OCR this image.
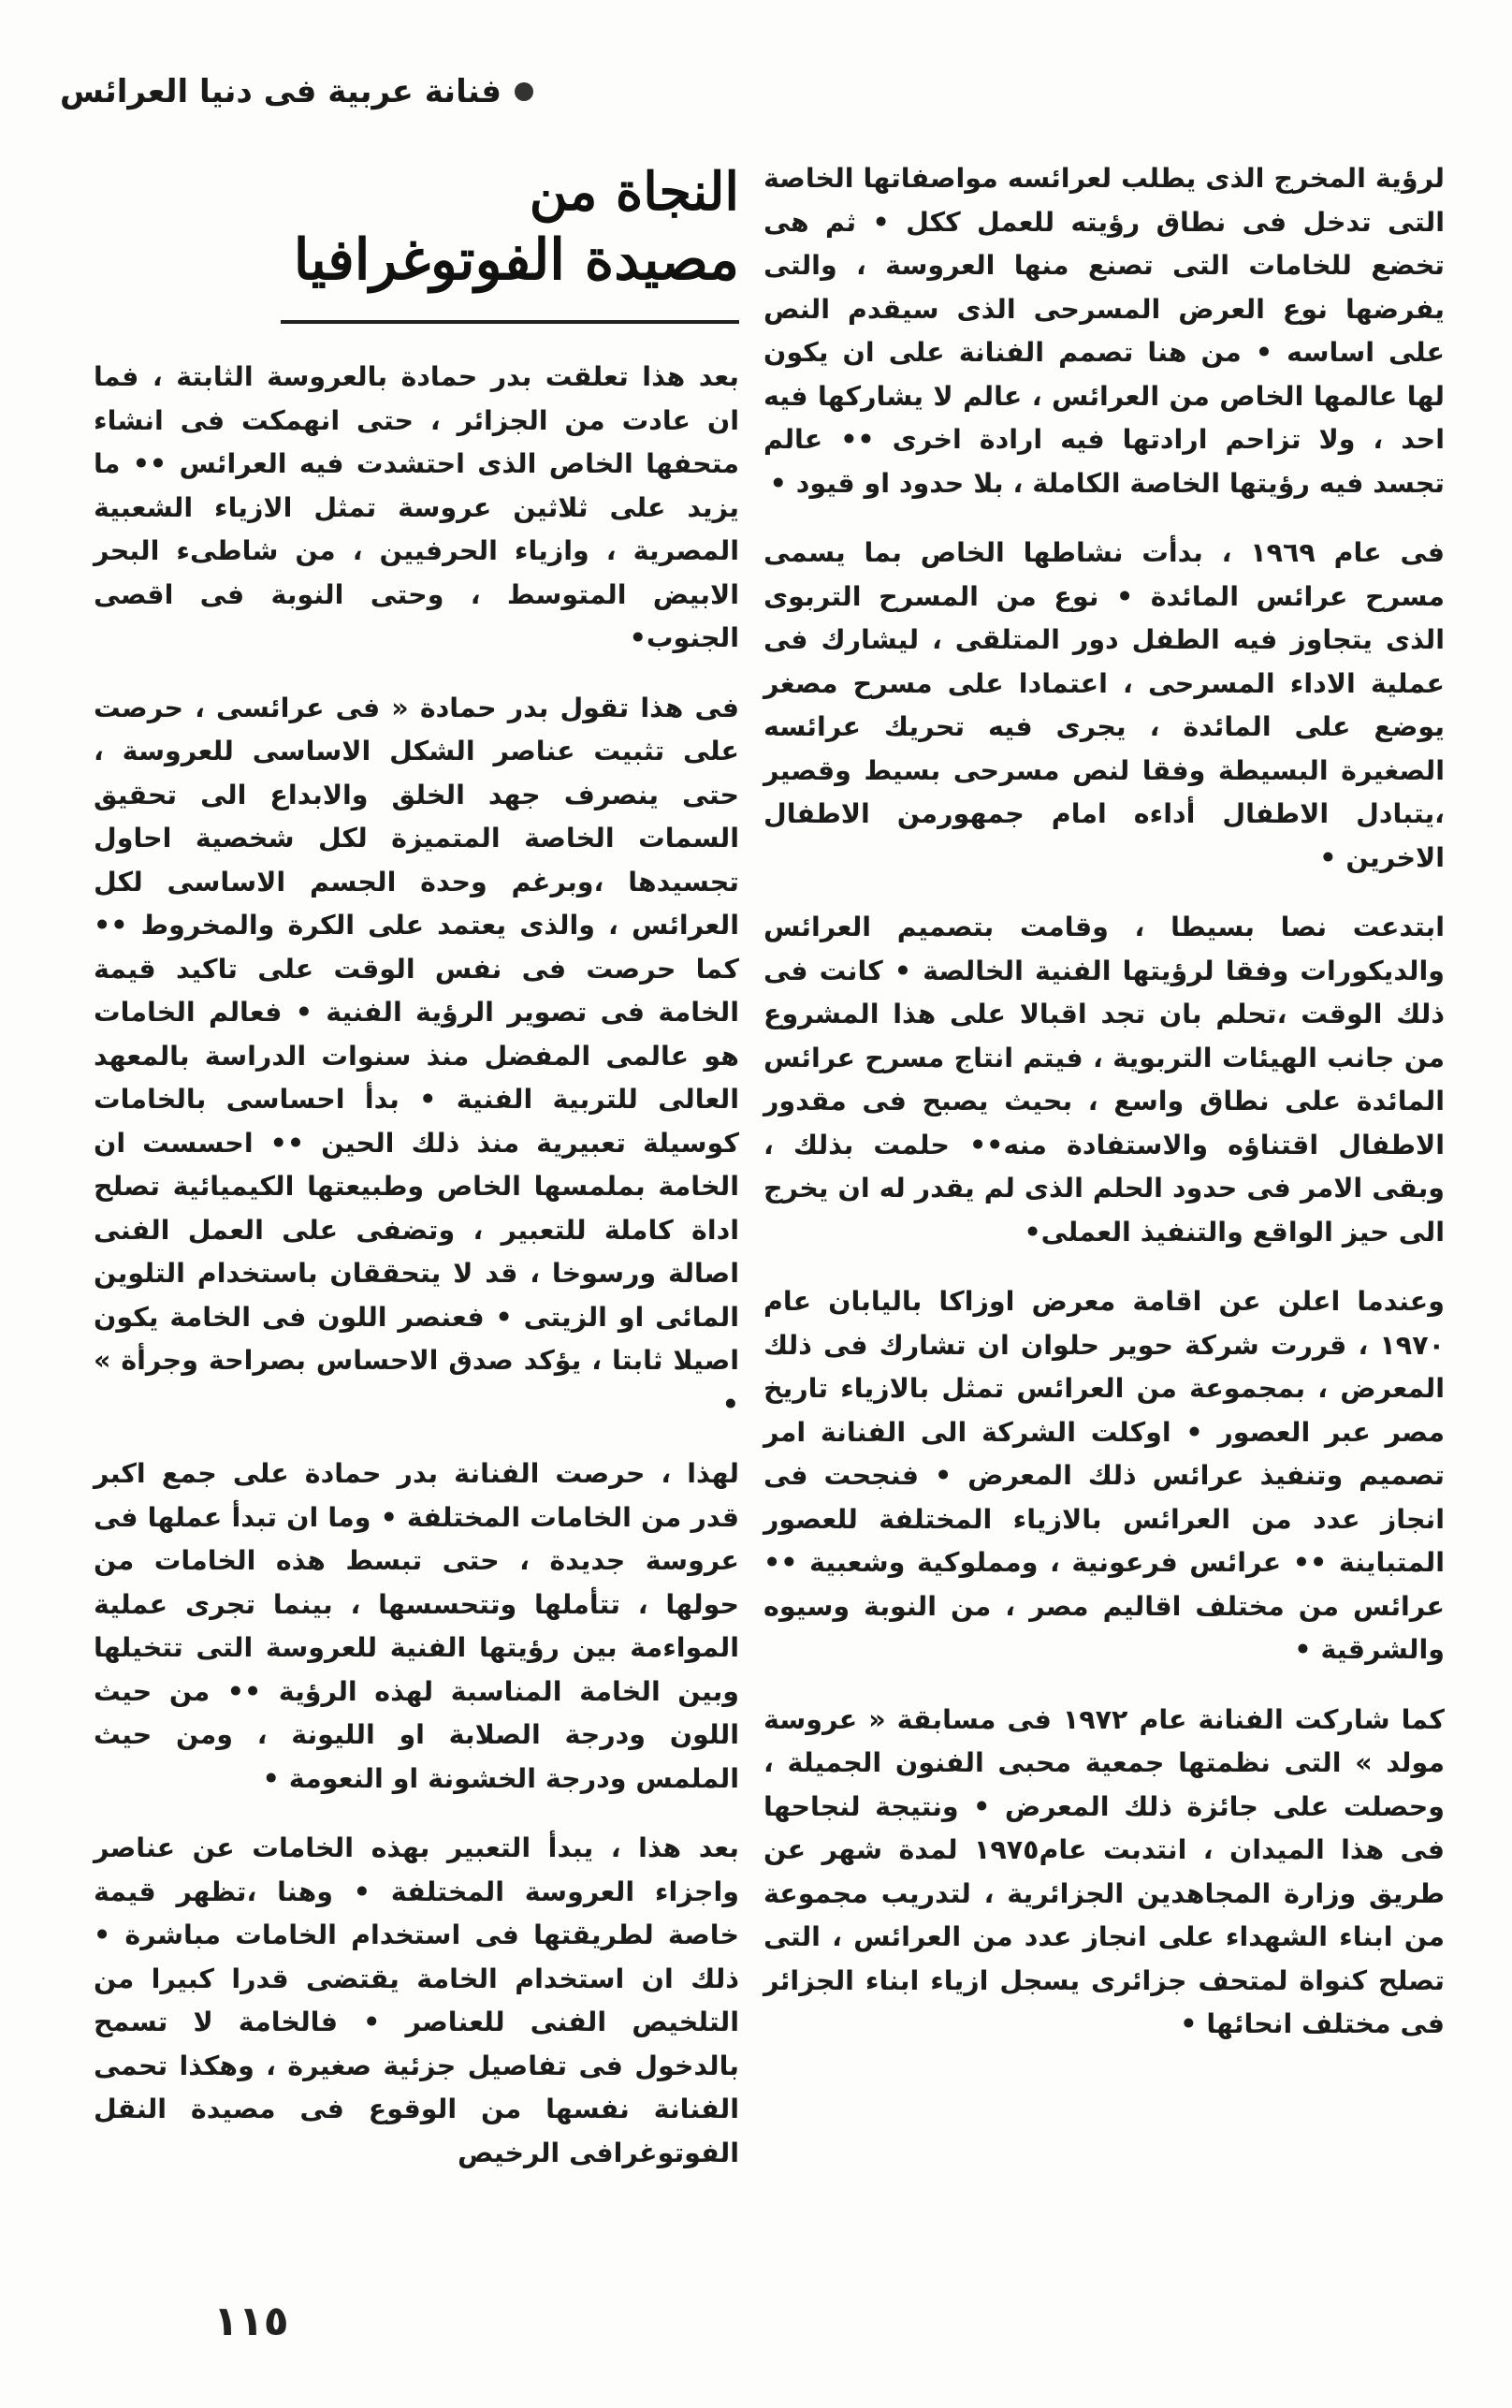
فنانة عربية فى دنيا العرائس
النجاة من
مصيدة الفوتوغرافيا

لرؤية المخرج الذى يطلب لعرائسه مواصفاتها الخاصة التى تدخل فى نطاق رؤيته للعمل ككل • ثم هى تخضع للخامات التى تصنع منها العروسة ، والتى يفرضها نوع العرض المسرحى الذى سيقدم النص على اساسه • من هنا تصمم الفنانة على ان يكون لها عالمها الخاص من العرائس ، عالم لا يشاركها فيه احد ، ولا تزاحم ارادتها فيه ارادة اخرى •• عالم تجسد فيه رؤيتها الخاصة الكاملة ، بلا حدود او قيود •

فى عام ١٩٦٩ ، بدأت نشاطها الخاص بما يسمى مسرح عرائس المائدة • نوع من المسرح التربوى الذى يتجاوز فيه الطفل دور المتلقى ، ليشارك فى عملية الاداء المسرحى ، اعتمادا على مسرح مصغر يوضع على المائدة ، يجرى فيه تحريك عرائسه الصغيرة البسيطة وفقا لنص مسرحى بسيط وقصير ،يتبادل الاطفال أداءه امام جمهورمن الاطفال الاخرين •

ابتدعت نصا بسيطا ، وقامت بتصميم العرائس والديكورات وفقا لرؤيتها الفنية الخالصة • كانت فى ذلك الوقت ،تحلم بان تجد اقبالا على هذا المشروع من جانب الهيئات التربوية ، فيتم انتاج مسرح عرائس المائدة على نطاق واسع ، بحيث يصبح فى مقدور الاطفال اقتناؤه والاستفادة منه•• حلمت بذلك ، وبقى الامر فى حدود الحلم الذى لم يقدر له ان يخرج الى حيز الواقع والتنفيذ العملى•

وعندما اعلن عن اقامة معرض اوزاكا باليابان عام ١٩٧٠ ، قررت شركة حوير حلوان ان تشارك فى ذلك المعرض ، بمجموعة من العرائس تمثل بالازياء تاريخ مصر عبر العصور • اوكلت الشركة الى الفنانة امر تصميم وتنفيذ عرائس ذلك المعرض • فنجحت فى انجاز عدد من العرائس بالازياء المختلفة للعصور المتباينة •• عرائس فرعونية ، ومملوكية وشعبية •• عرائس من مختلف اقاليم مصر ، من النوبة وسيوه والشرقية •

كما شاركت الفنانة عام ١٩٧٢ فى مسابقة « عروسة مولد » التى نظمتها جمعية محبى الفنون الجميلة ، وحصلت على جائزة ذلك المعرض • ونتيجة لنجاحها فى هذا الميدان ، انتدبت عام١٩٧٥ لمدة شهر عن طريق وزارة المجاهدين الجزائرية ، لتدريب مجموعة من ابناء الشهداء على انجاز عدد من العرائس ، التى تصلح كنواة لمتحف جزائرى يسجل ازياء ابناء الجزائر فى مختلف انحائها •

بعد هذا تعلقت بدر حمادة بالعروسة الثابتة ، فما ان عادت من الجزائر ، حتى انهمكت فى انشاء متحفها الخاص الذى احتشدت فيه العرائس •• ما يزيد على ثلاثين عروسة تمثل الازياء الشعبية المصرية ، وازياء الحرفيين ، من شاطىء البحر الابيض المتوسط ، وحتى النوبة فى اقصى الجنوب•

فى هذا تقول بدر حمادة « فى عرائسى ، حرصت على تثبيت عناصر الشكل الاساسى للعروسة ، حتى ينصرف جهد الخلق والابداع الى تحقيق السمات الخاصة المتميزة لكل شخصية احاول تجسيدها ،وبرغم وحدة الجسم الاساسى لكل العرائس ، والذى يعتمد على الكرة والمخروط •• كما حرصت فى نفس الوقت على تاكيد قيمة الخامة فى تصوير الرؤية الفنية • فعالم الخامات هو عالمى المفضل منذ سنوات الدراسة بالمعهد العالى للتربية الفنية • بدأ احساسى بالخامات كوسيلة تعبيرية منذ ذلك الحين •• احسست ان الخامة بملمسها الخاص وطبيعتها الكيميائية تصلح اداة كاملة للتعبير ، وتضفى على العمل الفنى اصالة ورسوخا ، قد لا يتحققان باستخدام التلوين المائى او الزيتى • فعنصر اللون فى الخامة يكون اصيلا ثابتا ، يؤكد صدق الاحساس بصراحة وجرأة » •

لهذا ، حرصت الفنانة بدر حمادة على جمع اكبر قدر من الخامات المختلفة • وما ان تبدأ عملها فى عروسة جديدة ، حتى تبسط هذه الخامات من حولها ، تتأملها وتتحسسها ، بينما تجرى عملية المواءمة بين رؤيتها الفنية للعروسة التى تتخيلها وبين الخامة المناسبة لهذه الرؤية •• من حيث اللون ودرجة الصلابة او الليونة ، ومن حيث الملمس ودرجة الخشونة او النعومة •

بعد هذا ، يبدأ التعبير بهذه الخامات عن عناصر واجزاء العروسة المختلفة • وهنا ،تظهر قيمة خاصة لطريقتها فى استخدام الخامات مباشرة • ذلك ان استخدام الخامة يقتضى قدرا كبيرا من التلخيص الفنى للعناصر • فالخامة لا تسمح بالدخول فى تفاصيل جزئية صغيرة ، وهكذا تحمى الفنانة نفسها من الوقوع فى مصيدة النقل الفوتوغرافى الرخيص

١١٥
